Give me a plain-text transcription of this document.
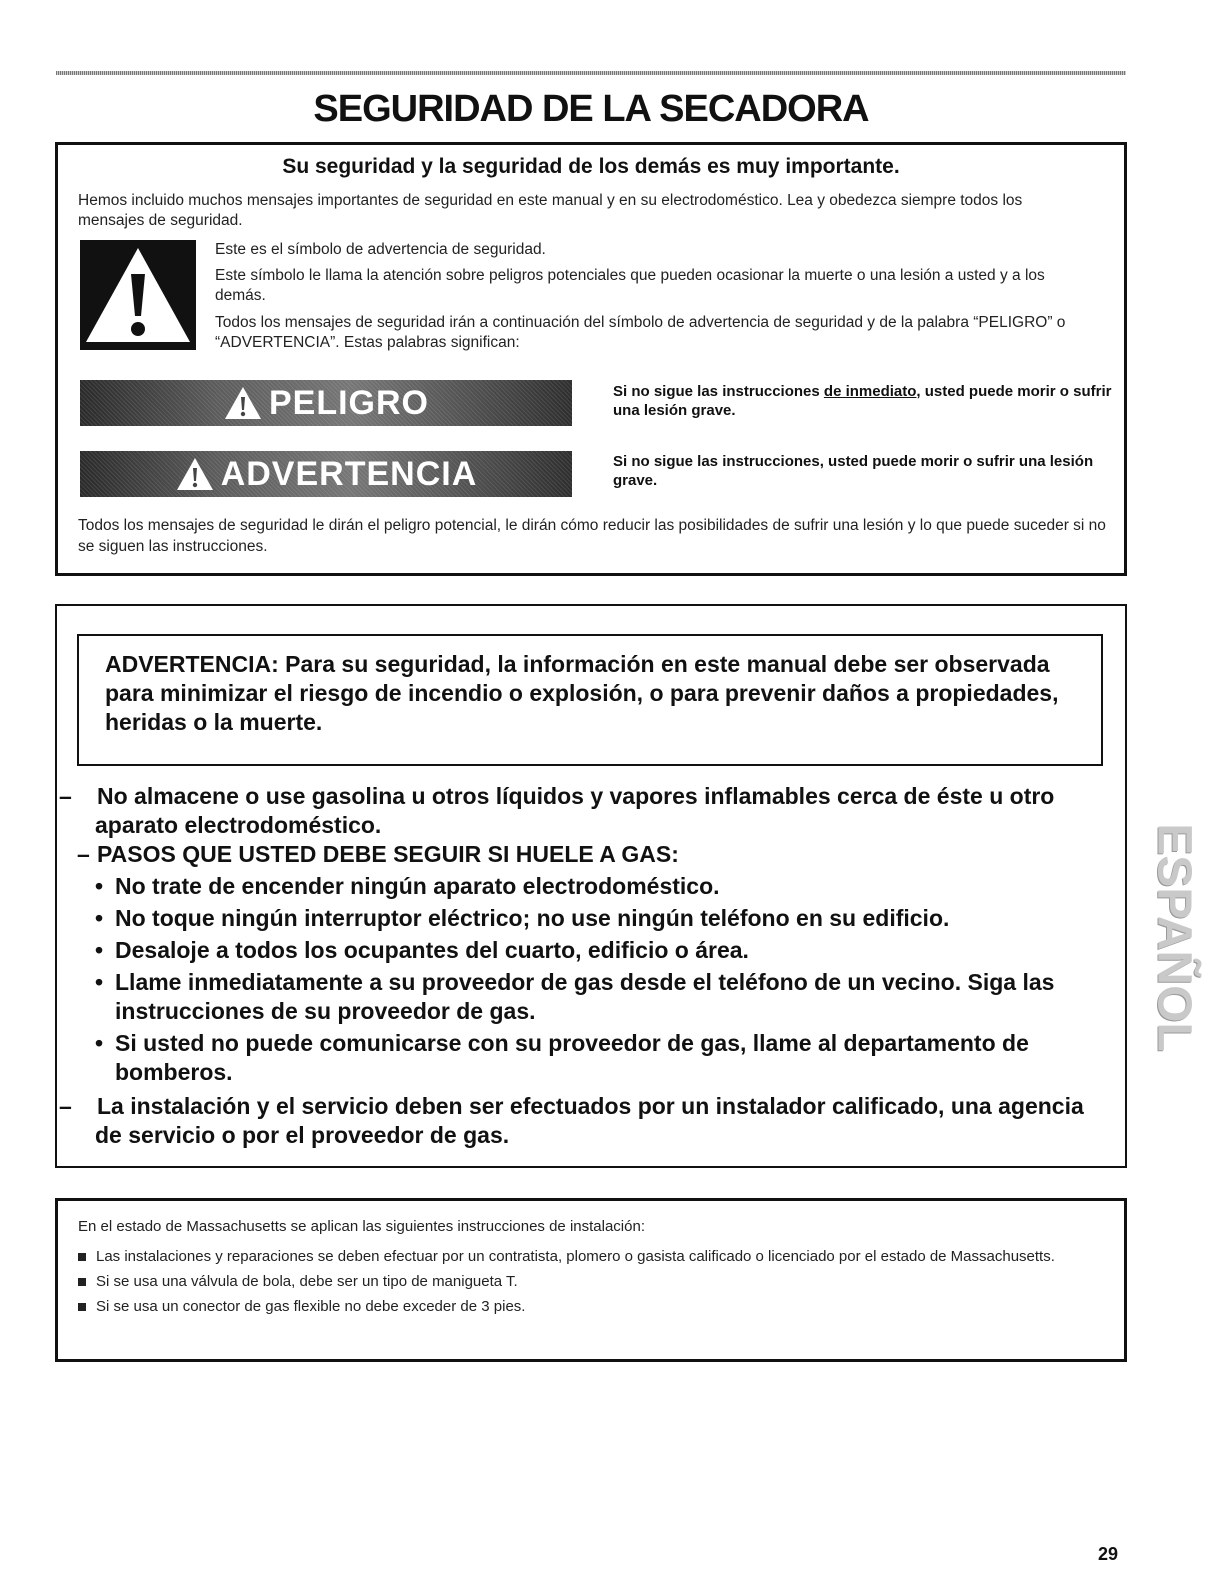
SEGURIDAD DE LA SECADORA
Su seguridad y la seguridad de los demás es muy importante.
Hemos incluido muchos mensajes importantes de seguridad en este manual y en su electrodoméstico. Lea y obedezca siempre todos los mensajes de seguridad.
Este es el símbolo de advertencia de seguridad.
Este símbolo le llama la atención sobre peligros potenciales que pueden ocasionar la muerte o una lesión a usted y a los demás.
Todos los mensajes de seguridad irán a continuación del símbolo de advertencia de seguridad y de la palabra “PELIGRO” o “ADVERTENCIA”. Estas palabras significan:
PELIGRO	Si no sigue las instrucciones de inmediato, usted puede morir o sufrir una lesión grave.
ADVERTENCIA	Si no sigue las instrucciones, usted puede morir o sufrir una lesión grave.
Todos los mensajes de seguridad le dirán el peligro potencial, le dirán cómo reducir las posibilidades de sufrir una lesión y lo que puede suceder si no se siguen las instrucciones.

ADVERTENCIA: Para su seguridad, la información en este manual debe ser observada para minimizar el riesgo de incendio o explosión, o para prevenir daños a propiedades, heridas o la muerte.

– No almacene o use gasolina u otros líquidos y vapores inflamables cerca de éste u otro aparato electrodoméstico.
– PASOS QUE USTED DEBE SEGUIR SI HUELE A GAS:
• No trate de encender ningún aparato electrodoméstico.
• No toque ningún interruptor eléctrico; no use ningún teléfono en su edificio.
• Desaloje a todos los ocupantes del cuarto, edificio o área.
• Llame inmediatamente a su proveedor de gas desde el teléfono de un vecino. Siga las instrucciones de su proveedor de gas.
• Si usted no puede comunicarse con su proveedor de gas, llame al departamento de bomberos.
– La instalación y el servicio deben ser efectuados por un instalador calificado, una agencia de servicio o por el proveedor de gas.
ESPAÑOL
En el estado de Massachusetts se aplican las siguientes instrucciones de instalación:
Las instalaciones y reparaciones se deben efectuar por un contratista, plomero o gasista calificado o licenciado por el estado de Massachusetts.
Si se usa una válvula de bola, debe ser un tipo de manigueta T.
Si se usa un conector de gas flexible no debe exceder de 3 pies.
29
